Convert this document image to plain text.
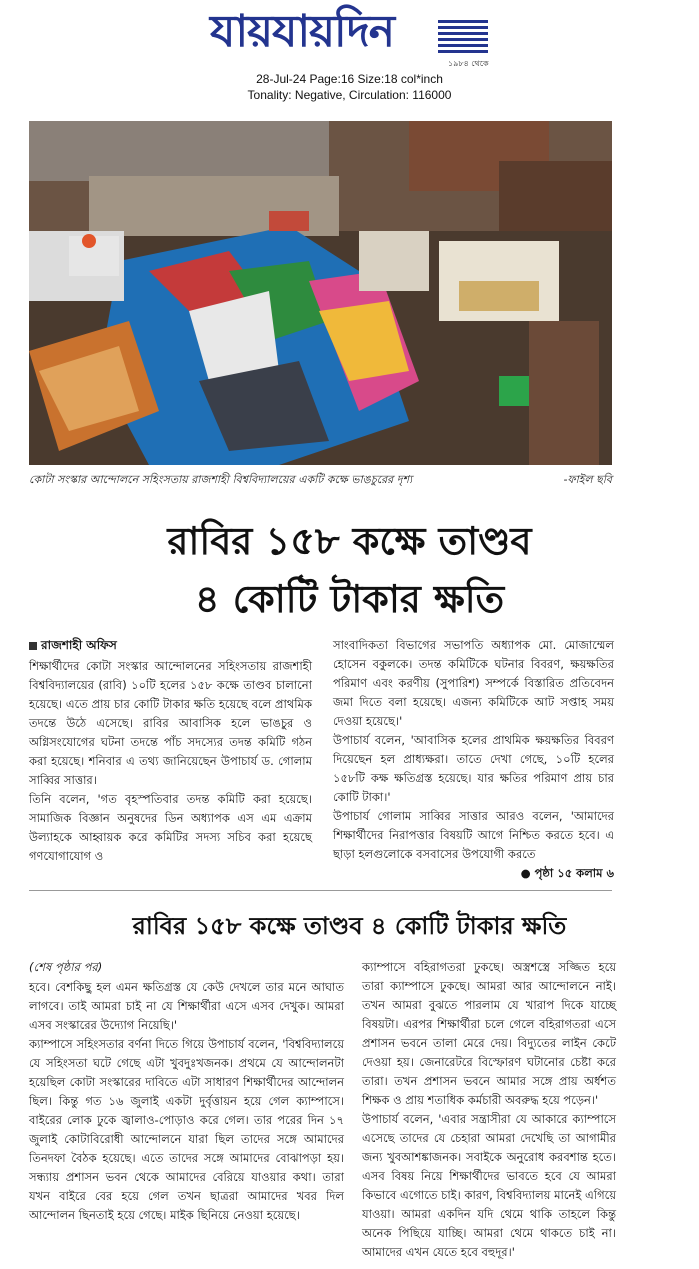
যায়যায়দিন
১৯৮৪ থেকে
28-Jul-24 Page:16 Size:18 col*inch
Tonality: Negative, Circulation: 116000
কোটা সংস্কার আন্দোলনে সহিংসতায় রাজশাহী বিশ্ববিদ্যালয়ের একটি কক্ষে ভাঙচুরের দৃশ্য	-ফাইল ছবি
রাবির ১৫৮ কক্ষে তাণ্ডব
৪ কোটি টাকার ক্ষতি
রাজশাহী অফিস

শিক্ষার্থীদের কোটা সংস্কার আন্দোলনের সহিংসতায় রাজশাহী বিশ্ববিদ্যালয়ের (রাবি) ১০টি হলের ১৫৮ কক্ষে তাণ্ডব চালানো হয়েছে। এতে প্রায় চার কোটি টাকার ক্ষতি হয়েছে বলে প্রাথমিক তদন্তে উঠে এসেছে। রাবির আবাসিক হলে ভাঙচুর ও অগ্নিসংযোগের ঘটনা তদন্তে পাঁচ সদস্যের তদন্ত কমিটি গঠন করা হয়েছে। শনিবার এ তথ্য জানিয়েছেন উপাচার্য ড. গোলাম সাব্বির সাত্তার।

তিনি বলেন, 'গত বৃহস্পতিবার তদন্ত কমিটি করা হয়েছে। সামাজিক বিজ্ঞান অনুষদের ডিন অধ্যাপক এস এম এক্রাম উল্যাহকে আহ্বায়ক করে কমিটির সদস্য সচিব করা হয়েছে গণযোগাযোগ ও

সাংবাদিকতা বিভাগের সভাপতি অধ্যাপক মো. মোজাম্মেল হোসেন বকুলকে। তদন্ত কমিটিকে ঘটনার বিবরণ, ক্ষয়ক্ষতির পরিমাণ এবং করণীয় (সুপারিশ) সম্পর্কে বিস্তারিত প্রতিবেদন জমা দিতে বলা হয়েছে। এজন্য কমিটিকে আট সপ্তাহ সময় দেওয়া হয়েছে।'

উপাচার্য বলেন, 'আবাসিক হলের প্রাথমিক ক্ষয়ক্ষতির বিবরণ দিয়েছেন হল প্রাধ্যক্ষরা। তাতে দেখা গেছে, ১০টি হলের ১৫৮টি কক্ষ ক্ষতিগ্রস্ত হয়েছে। যার ক্ষতির পরিমাণ প্রায় চার কোটি টাকা।'

উপাচার্য গোলাম সাব্বির সাত্তার আরও বলেন, 'আমাদের শিক্ষার্থীদের নিরাপত্তার বিষয়টি আগে নিশ্চিত করতে হবে। এ ছাড়া হলগুলোকে বসবাসের উপযোগী করতে
● পৃষ্ঠা ১৫ কলাম ৬

রাবির ১৫৮ কক্ষে তাণ্ডব ৪ কোটি টাকার ক্ষতি
(শেষ পৃষ্ঠার পর)

হবে। বেশকিছু হল এমন ক্ষতিগ্রস্ত যে কেউ দেখলে তার মনে আঘাত লাগবে। তাই আমরা চাই না যে শিক্ষার্থীরা এসে এসব দেখুক। আমরা এসব সংস্কারের উদ্যোগ নিয়েছি।'

ক্যাম্পাসে সহিংসতার বর্ণনা দিতে গিয়ে উপাচার্য বলেন, 'বিশ্ববিদ্যালয়ে যে সহিংসতা ঘটে গেছে এটা খুবদুঃখজনক। প্রথমে যে আন্দোলনটা হয়েছিল কোটা সংস্কারের দাবিতে এটা সাধারণ শিক্ষার্থীদের আন্দোলন ছিল। কিন্তু গত ১৬ জুলাই একটা দুর্বৃত্তায়ন হয়ে গেল ক্যাম্পাসে। বাইরের লোক ঢুকে জ্বালাও-পোড়াও করে গেল। তার পরের দিন ১৭ জুলাই কোটাবিরোধী আন্দোলনে যারা ছিল তাদের সঙ্গে আমাদের তিনদফা বৈঠক হয়েছে। এতে তাদের সঙ্গে আমাদের বোঝাপড়া হয়। সন্ধ্যায় প্রশাসন ভবন থেকে আমাদের বেরিয়ে যাওয়ার কথা। তারা যখন বাইরে বের হয়ে গেল তখন ছাত্ররা আমাদের খবর দিল আন্দোলন ছিনতাই হয়ে গেছে। মাইক ছিনিয়ে নেওয়া হয়েছে।

ক্যাম্পাসে বহিরাগতরা ঢুকছে। অস্ত্রশস্ত্রে সজ্জিত হয়ে তারা ক্যাম্পাসে ঢুকছে। আমরা আর আন্দোলনে নাই। তখন আমরা বুঝতে পারলাম যে খারাপ দিকে যাচ্ছে বিষয়টা। এরপর শিক্ষার্থীরা চলে গেলে বহিরাগতরা এসে প্রশাসন ভবনে তালা মেরে দেয়। বিদ্যুতের লাইন কেটে দেওয়া হয়। জেনারেটরে বিস্ফোরণ ঘটানোর চেষ্টা করে তারা। তখন প্রশাসন ভবনে আমার সঙ্গে প্রায় অর্ধশত শিক্ষক ও প্রায় শতাধিক কর্মচারী অবরুদ্ধ হয়ে পড়েন।'

উপাচার্য বলেন, 'এবার সন্ত্রাসীরা যে আকারে ক্যাম্পাসে এসেছে তাদের যে চেহারা আমরা দেখেছি তা আগামীর জন্য খুবআশঙ্কাজনক। সবাইকে অনুরোধ করবশান্ত হতে। এসব বিষয় নিয়ে শিক্ষার্থীদের ভাবতে হবে যে আমরা কিভাবে এগোতে চাই। কারণ, বিশ্ববিদ্যালয় মানেই এগিয়ে যাওয়া। আমরা একদিন যদি থেমে থাকি তাহলে কিন্তু অনেক পিছিয়ে যাচ্ছি। আমরা থেমে থাকতে চাই না। আমাদের এখন যেতে হবে বহুদূর।'
